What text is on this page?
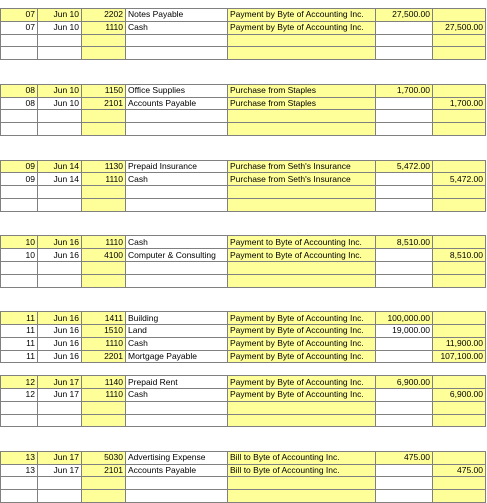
07	Jun 10	2202	Notes Payable	Payment by Byte of Accounting Inc.	27,500.00	
07	Jun 10	1110	Cash	Payment by Byte of Accounting Inc.		27,500.00

08	Jun 10	1150	Office Supplies	Purchase from Staples	1,700.00	
08	Jun 10	2101	Accounts Payable	Purchase from Staples		1,700.00

09	Jun 14	1130	Prepaid Insurance	Purchase from Seth's Insurance	5,472.00	
09	Jun 14	1110	Cash	Purchase from Seth's Insurance		5,472.00

10	Jun 16	1110	Cash	Payment to Byte of Accounting Inc.	8,510.00	
10	Jun 16	4100	Computer & Consulting	Payment to Byte of Accounting Inc.		8,510.00

11	Jun 16	1411	Building	Payment by Byte of Accounting Inc.	100,000.00	
11	Jun 16	1510	Land	Payment by Byte of Accounting Inc.	19,000.00	
11	Jun 16	1110	Cash	Payment by Byte of Accounting Inc.		11,900.00
11	Jun 16	2201	Mortgage Payable	Payment by Byte of Accounting Inc.		107,100.00

12	Jun 17	1140	Prepaid Rent	Payment by Byte of Accounting Inc.	6,900.00	
12	Jun 17	1110	Cash	Payment by Byte of Accounting Inc.		6,900.00

13	Jun 17	5030	Advertising Expense	Bill to Byte of Accounting Inc.	475.00	
13	Jun 17	2101	Accounts Payable	Bill to Byte of Accounting Inc.		475.00
